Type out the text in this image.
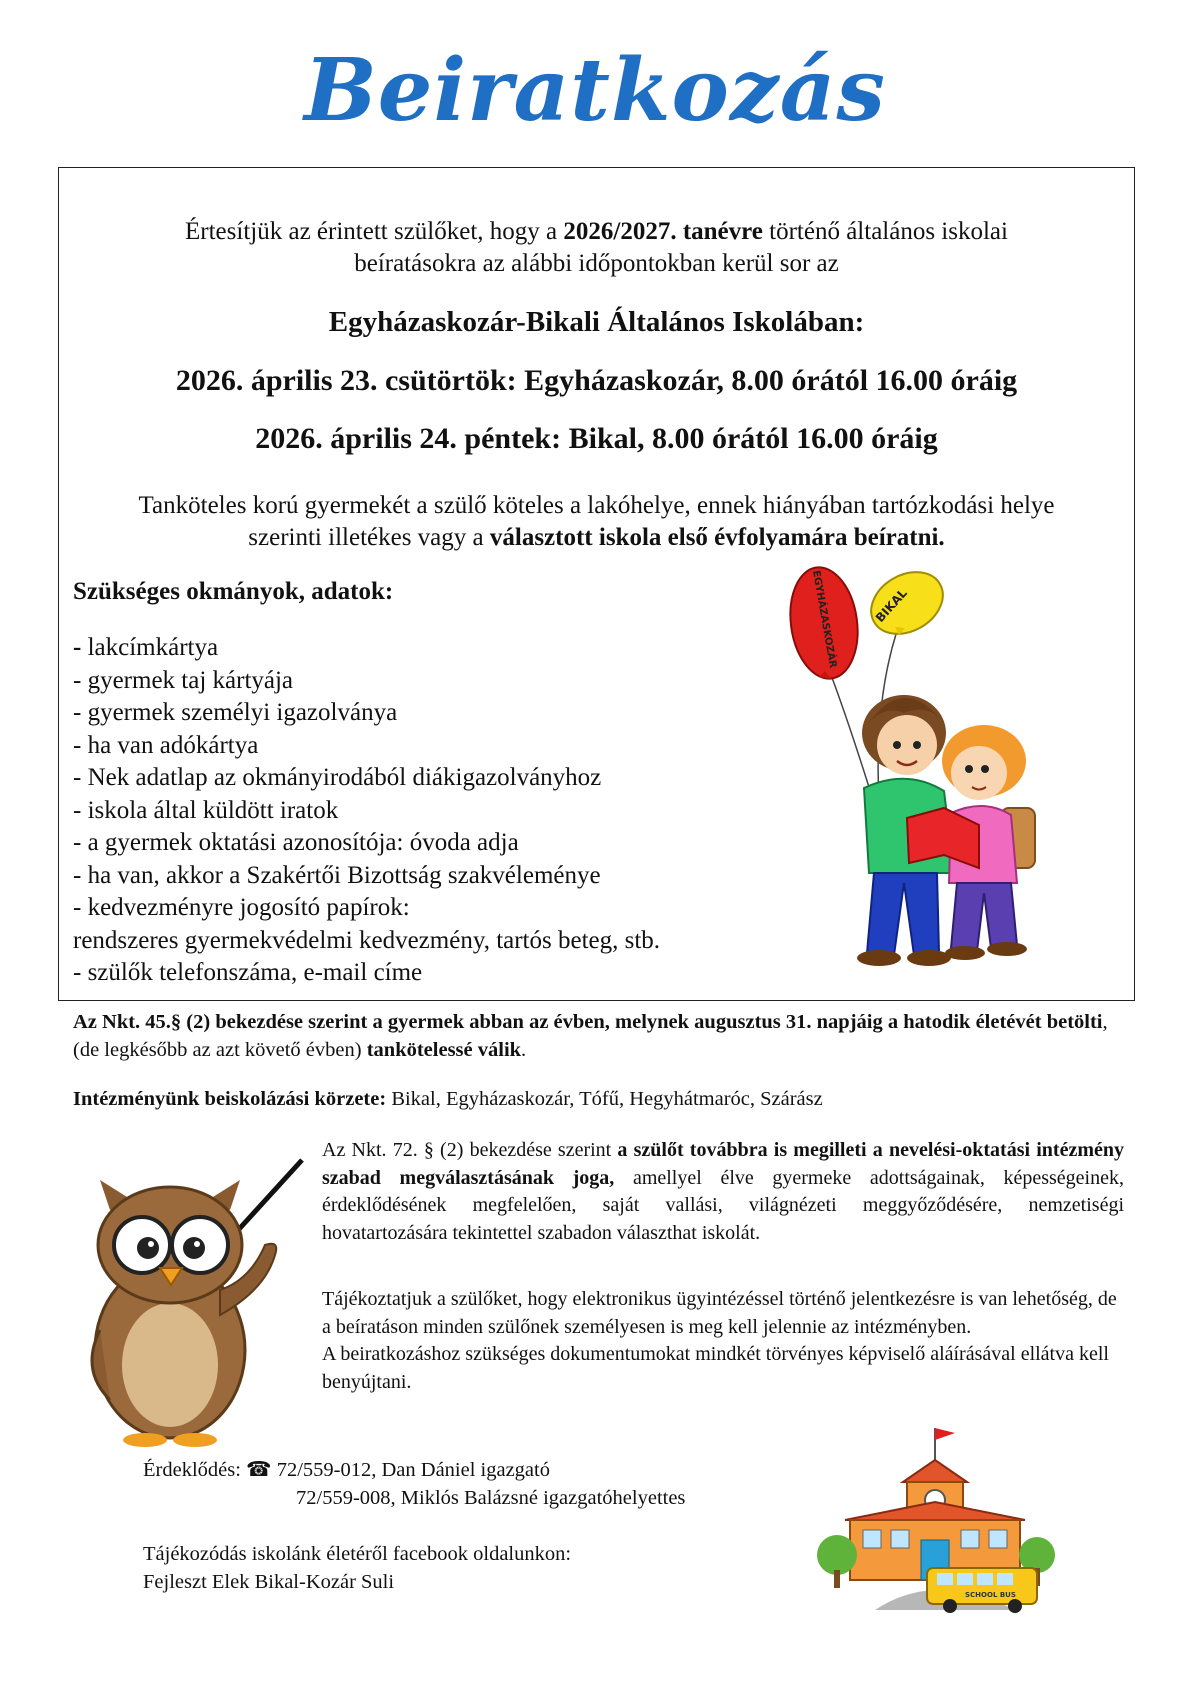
Beiratkozás
Értesítjük az érintett szülőket, hogy a 2026/2027. tanévre történő általános iskolai
beíratásokra az alábbi időpontokban kerül sor az
Egyházaskozár-Bikali Általános Iskolában:
2026. április 23. csütörtök: Egyházaskozár, 8.00 órától 16.00 óráig
2026. április 24. péntek: Bikal, 8.00 órától 16.00 óráig
Tanköteles korú gyermekét a szülő köteles a lakóhelye, ennek hiányában tartózkodási helye
szerinti illetékes vagy a választott iskola első évfolyamára beíratni.
Szükséges okmányok, adatok:
- lakcímkártya
- gyermek taj kártyája
- gyermek személyi igazolványa
- ha van adókártya
- Nek adatlap az okmányirodából diákigazolványhoz
- iskola által küldött iratok
- a gyermek oktatási azonosítója: óvoda adja
- ha van, akkor a Szakértői Bizottság szakvéleménye
- kedvezményre jogosító papírok:
rendszeres gyermekvédelmi kedvezmény, tartós beteg, stb.
- szülők telefonszáma, e-mail címe
EGYHÁZASKOZÁR	BIKAL
Az Nkt. 45.§ (2) bekezdése szerint a gyermek abban az évben, melynek augusztus 31. napjáig a hatodik életévét betölti, (de legkésőbb az azt követő évben) tankötelessé válik.
Intézményünk beiskolázási körzete: Bikal, Egyházaskozár, Tófű, Hegyhátmaróc, Szárász
Az Nkt. 72. § (2) bekezdése szerint a szülőt továbbra is megilleti a nevelési-oktatási intézmény szabad megválasztásának joga, amellyel élve gyermeke adottságainak, képességeinek, érdeklődésének megfelelően, saját vallási, világnézeti meggyőződésére, nemzetiségi hovatartozására tekintettel szabadon választhat iskolát.
Tájékoztatjuk a szülőket, hogy elektronikus ügyintézéssel történő jelentkezésre is van lehetőség, de a beíratáson minden szülőnek személyesen is meg kell jelennie az intézményben.
A beiratkozáshoz szükséges dokumentumokat mindkét törvényes képviselő aláírásával ellátva kell benyújtani.
Érdeklődés: ☎ 72/559-012, Dan Dániel igazgató
72/559-008, Miklós Balázsné igazgatóhelyettes
Tájékozódás iskolánk életéről facebook oldalunkon:
Fejleszt Elek Bikal-Kozár Suli
SCHOOL BUS
